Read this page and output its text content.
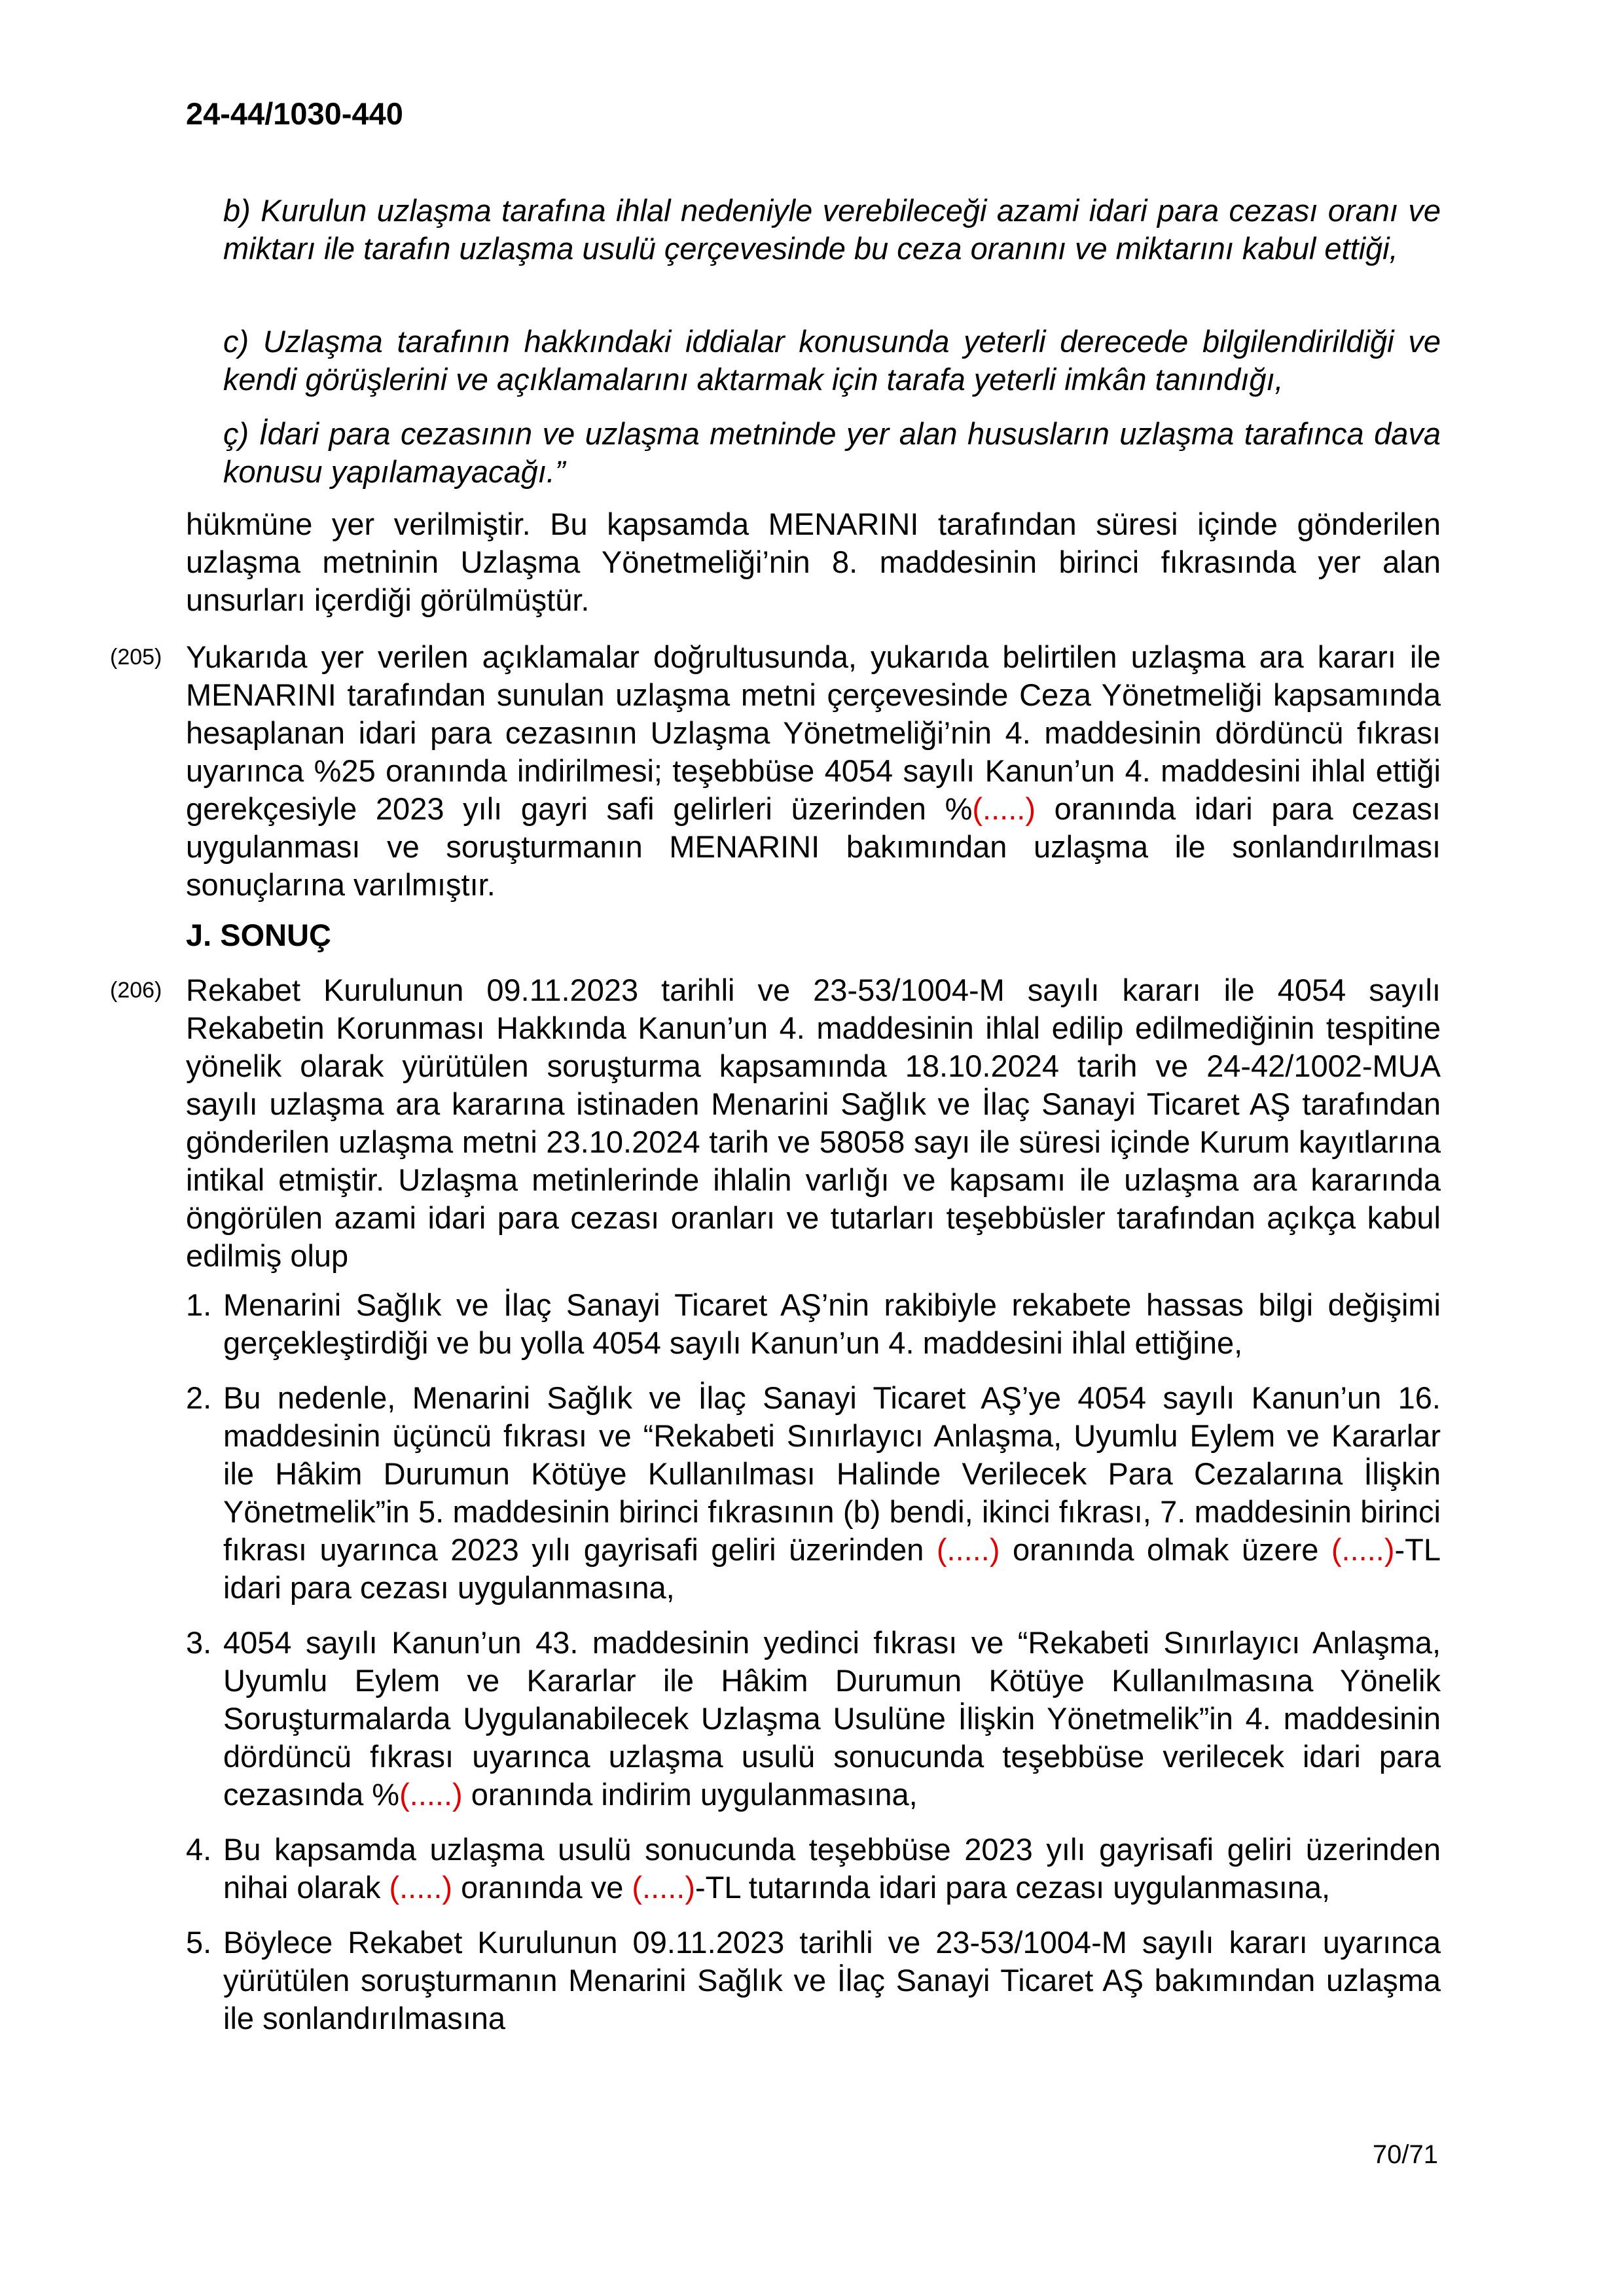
24-44/1030-440
b) Kurulun uzlaşma tarafına ihlal nedeniyle verebileceği azami idari para cezası oranı ve miktarı ile tarafın uzlaşma usulü çerçevesinde bu ceza oranını ve miktarını kabul ettiği,
c) Uzlaşma tarafının hakkındaki iddialar konusunda yeterli derecede bilgilendirildiği ve kendi görüşlerini ve açıklamalarını aktarmak için tarafa yeterli imkân tanındığı,
ç) İdari para cezasının ve uzlaşma metninde yer alan hususların uzlaşma tarafınca dava konusu yapılamayacağı.”
hükmüne yer verilmiştir. Bu kapsamda MENARINI tarafından süresi içinde gönderilen uzlaşma metninin Uzlaşma Yönetmeliği’nin 8. maddesinin birinci fıkrasında yer alan unsurları içerdiği görülmüştür.
(205) Yukarıda yer verilen açıklamalar doğrultusunda, yukarıda belirtilen uzlaşma ara kararı ile MENARINI tarafından sunulan uzlaşma metni çerçevesinde Ceza Yönetmeliği kapsamında hesaplanan idari para cezasının Uzlaşma Yönetmeliği’nin 4. maddesinin dördüncü fıkrası uyarınca %25 oranında indirilmesi; teşebbüse 4054 sayılı Kanun’un 4. maddesini ihlal ettiği gerekçesiyle 2023 yılı gayri safi gelirleri üzerinden %(.....) oranında idari para cezası uygulanması ve soruşturmanın MENARINI bakımından uzlaşma ile sonlandırılması sonuçlarına varılmıştır.
J. SONUÇ
(206) Rekabet Kurulunun 09.11.2023 tarihli ve 23-53/1004-M sayılı kararı ile 4054 sayılı Rekabetin Korunması Hakkında Kanun’un 4. maddesinin ihlal edilip edilmediğinin tespitine yönelik olarak yürütülen soruşturma kapsamında 18.10.2024 tarih ve 24-42/1002-MUA sayılı uzlaşma ara kararına istinaden Menarini Sağlık ve İlaç Sanayi Ticaret AŞ tarafından gönderilen uzlaşma metni 23.10.2024 tarih ve 58058 sayı ile süresi içinde Kurum kayıtlarına intikal etmiştir. Uzlaşma metinlerinde ihlalin varlığı ve kapsamı ile uzlaşma ara kararında öngörülen azami idari para cezası oranları ve tutarları teşebbüsler tarafından açıkça kabul edilmiş olup
1. Menarini Sağlık ve İlaç Sanayi Ticaret AŞ’nin rakibiyle rekabete hassas bilgi değişimi gerçekleştirdiği ve bu yolla 4054 sayılı Kanun’un 4. maddesini ihlal ettiğine,
2. Bu nedenle, Menarini Sağlık ve İlaç Sanayi Ticaret AŞ’ye 4054 sayılı Kanun’un 16. maddesinin üçüncü fıkrası ve “Rekabeti Sınırlayıcı Anlaşma, Uyumlu Eylem ve Kararlar ile Hâkim Durumun Kötüye Kullanılması Halinde Verilecek Para Cezalarına İlişkin Yönetmelik”in 5. maddesinin birinci fıkrasının (b) bendi, ikinci fıkrası, 7. maddesinin birinci fıkrası uyarınca 2023 yılı gayrisafi geliri üzerinden (.....) oranında olmak üzere (.....)-TL idari para cezası uygulanmasına,
3. 4054 sayılı Kanun’un 43. maddesinin yedinci fıkrası ve “Rekabeti Sınırlayıcı Anlaşma, Uyumlu Eylem ve Kararlar ile Hâkim Durumun Kötüye Kullanılmasına Yönelik Soruşturmalarda Uygulanabilecek Uzlaşma Usulüne İlişkin Yönetmelik”in 4. maddesinin dördüncü fıkrası uyarınca uzlaşma usulü sonucunda teşebbüse verilecek idari para cezasında %(.....) oranında indirim uygulanmasına,
4. Bu kapsamda uzlaşma usulü sonucunda teşebbüse 2023 yılı gayrisafi geliri üzerinden nihai olarak (.....) oranında ve (.....)-TL tutarında idari para cezası uygulanmasına,
5. Böylece Rekabet Kurulunun 09.11.2023 tarihli ve 23-53/1004-M sayılı kararı uyarınca yürütülen soruşturmanın Menarini Sağlık ve İlaç Sanayi Ticaret AŞ bakımından uzlaşma ile sonlandırılmasına
70/71
